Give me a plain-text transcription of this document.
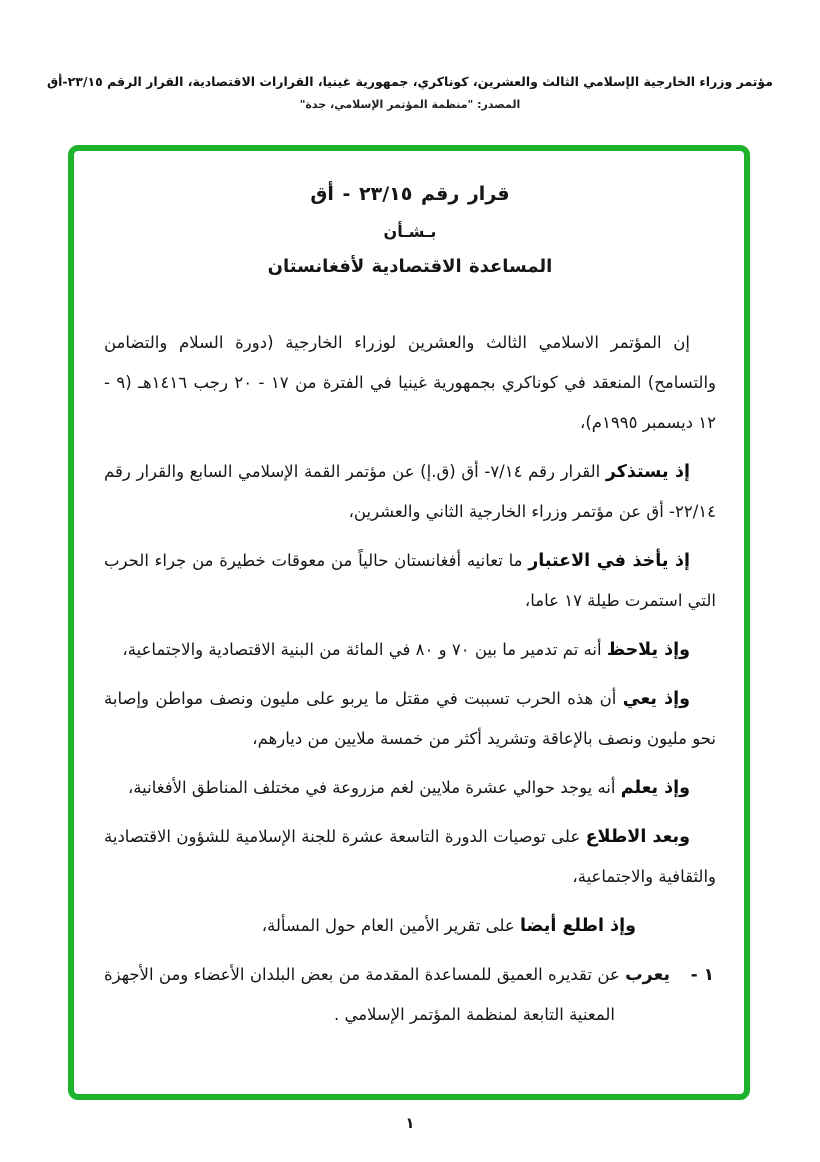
مؤتمر وزراء الخارجية الإسلامي الثالث والعشرين، كوناكري، جمهورية غينيا، القرارات الاقتصادية، القرار الرقم ٢٣/١٥-أق
المصدر: "منظمة المؤتمر الإسلامي، جدة"
قرار رقم ٢٣/١٥ - أق
بـشـأن
المساعدة الاقتصادية لأفغانستان

إن المؤتمر الاسلامي الثالث والعشرين لوزراء الخارجية (دورة السلام والتضامن والتسامح) المنعقد في كوناكري بجمهورية غينيا في الفترة من ١٧ - ٢٠ رجب ١٤١٦هـ (٩ - ١٢ ديسمبر ١٩٩٥م)،

إذ يستذكر القرار رقم ٧/١٤- أق (ق.إ) عن مؤتمر القمة الإسلامي السابع والقرار رقم ٢٢/١٤- أق عن مؤتمر وزراء الخارجية الثاني والعشرين،

إذ يأخذ في الاعتبار ما تعانيه أفغانستان حالياً من معوقات خطيرة من جراء الحرب التي استمرت طيلة ١٧ عاما،

وإذ يلاحظ أنه تم تدمير ما بين ٧٠ و ٨٠ في المائة من البنية الاقتصادية والاجتماعية،

وإذ يعي أن هذه الحرب تسببت في مقتل ما يربو على مليون ونصف مواطن وإصابة نحو مليون ونصف بالإعاقة وتشريد أكثر من خمسة ملايين من ديارهم،

وإذ يعلم أنه يوجد حوالي عشرة ملايين لغم مزروعة في مختلف المناطق الأفغانية،

وبعد الاطلاع على توصيات الدورة التاسعة عشرة للجنة الإسلامية للشؤون الاقتصادية والثقافية والاجتماعية،

وإذ اطلع أيضا على تقرير الأمين العام حول المسألة،

١ -
يعرب عن تقديره العميق للمساعدة المقدمة من بعض البلدان الأعضاء ومن الأجهزة المعنية التابعة لمنظمة المؤتمر الإسلامي .
١
